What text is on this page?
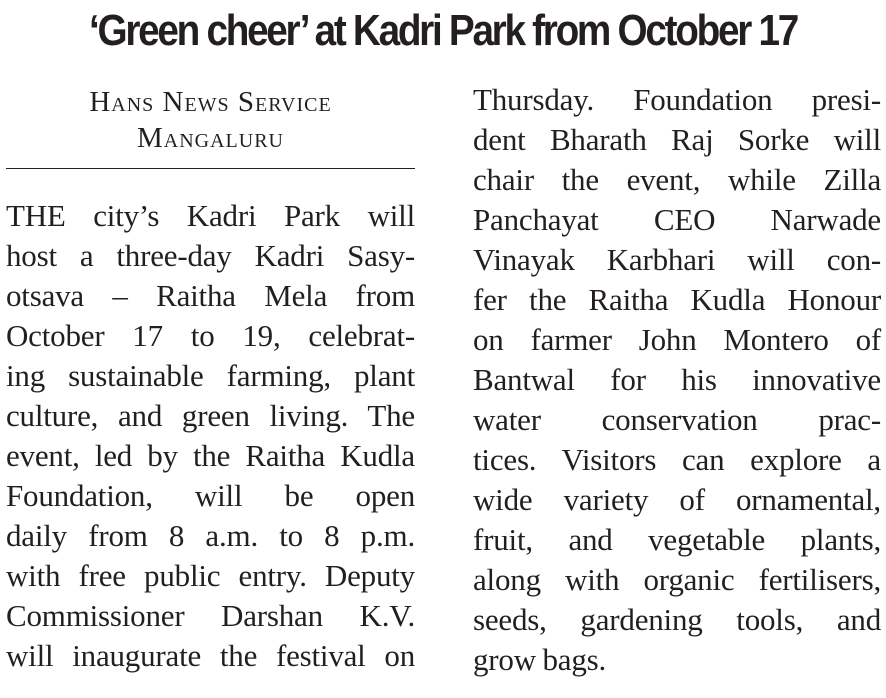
‘Green cheer’ at Kadri Park from October 17
Hans News Service
Mangaluru
THE city’s Kadri Park will
host a three-day Kadri Sasy-
otsava – Raitha Mela from
October 17 to 19, celebrat-
ing sustainable farming, plant
culture, and green living. The
event, led by the Raitha Kudla
Foundation, will be open
daily from 8 a.m. to 8 p.m.
with free public entry. Deputy
Commissioner Darshan K.V.
will inaugurate the festival on
Thursday. Foundation presi-
dent Bharath Raj Sorke will
chair the event, while Zilla
Panchayat CEO Narwade
Vinayak Karbhari will con-
fer the Raitha Kudla Honour
on farmer John Montero of
Bantwal for his innovative
water conservation prac-
tices. Visitors can explore a
wide variety of ornamental,
fruit, and vegetable plants,
along with organic fertilisers,
seeds, gardening tools, and
grow bags.
